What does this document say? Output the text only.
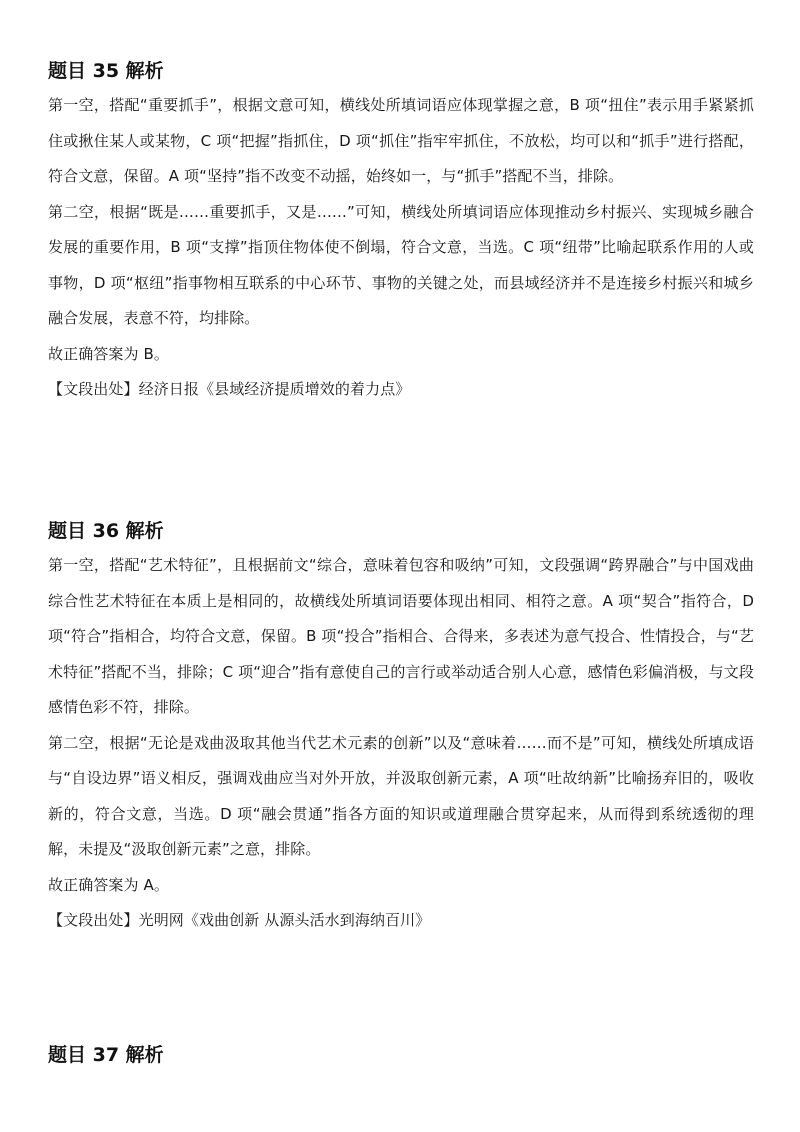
题目 35 解析

第一空，搭配“重要抓手”，根据文意可知，横线处所填词语应体现掌握之意，B 项“扭住”表示用手紧紧抓住或揪住某人或某物，C 项“把握”指抓住，D 项“抓住”指牢牢抓住，不放松，均可以和“抓手”进行搭配，符合文意，保留。A 项“坚持”指不改变不动摇，始终如一，与“抓手”搭配不当，排除。

第二空，根据“既是……重要抓手，又是……”可知，横线处所填词语应体现推动乡村振兴、实现城乡融合发展的重要作用，B 项“支撑”指顶住物体使不倒塌，符合文意，当选。C 项“纽带”比喻起联系作用的人或事物，D 项“枢纽”指事物相互联系的中心环节、事物的关键之处，而县域经济并不是连接乡村振兴和城乡融合发展，表意不符，均排除。

故正确答案为 B。

【文段出处】经济日报《县域经济提质增效的着力点》

题目 36 解析

第一空，搭配“艺术特征”，且根据前文“综合，意味着包容和吸纳”可知，文段强调“跨界融合”与中国戏曲综合性艺术特征在本质上是相同的，故横线处所填词语要体现出相同、相符之意。A 项“契合”指符合，D 项“符合”指相合，均符合文意，保留。B 项“投合”指相合、合得来，多表述为意气投合、性情投合，与“艺术特征”搭配不当，排除；C 项“迎合”指有意使自己的言行或举动适合别人心意，感情色彩偏消极，与文段感情色彩不符，排除。

第二空，根据“无论是戏曲汲取其他当代艺术元素的创新”以及“意味着……而不是”可知，横线处所填成语与“自设边界”语义相反，强调戏曲应当对外开放，并汲取创新元素，A 项“吐故纳新”比喻扬弃旧的，吸收新的，符合文意，当选。D 项“融会贯通”指各方面的知识或道理融合贯穿起来，从而得到系统透彻的理解，未提及“汲取创新元素”之意，排除。

故正确答案为 A。

【文段出处】光明网《戏曲创新 从源头活水到海纳百川》

题目 37 解析
